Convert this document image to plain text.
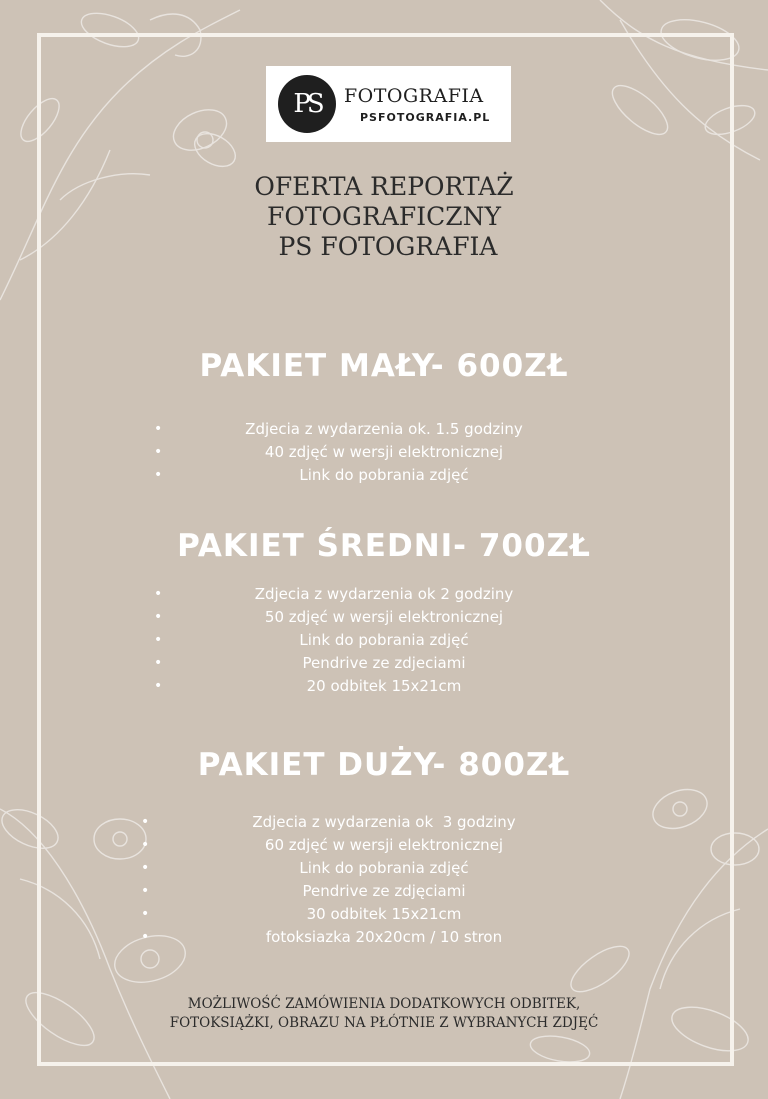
PS	FOTOGRAFIA
PSFOTOGRAFIA.PL
OFERTA REPORTAŻ
FOTOGRAFICZNY
PS FOTOGRAFIA
PAKIET MAŁY- 600ZŁ
•	Zdjecia z wydarzenia ok. 1.5 godziny
•	40 zdjęć w wersji elektronicznej
•	Link do pobrania zdjęć
PAKIET ŚREDNI- 700ZŁ
•	Zdjecia z wydarzenia ok 2 godziny
•	50 zdjęć w wersji elektronicznej
•	Link do pobrania zdjęć
•	Pendrive ze zdjeciami
•	20 odbitek 15x21cm
PAKIET DUŻY- 800ZŁ
•	Zdjecia z wydarzenia ok  3 godziny
•	60 zdjęć w wersji elektronicznej
•	Link do pobrania zdjęć
•	Pendrive ze zdjęciami
•	30 odbitek 15x21cm
•	fotoksiazka 20x20cm / 10 stron
MOŻLIWOŚĆ ZAMÓWIENIA DODATKOWYCH ODBITEK,
FOTOKSIĄŻKI, OBRAZU NA PŁÓTNIE Z WYBRANYCH ZDJĘĆ
